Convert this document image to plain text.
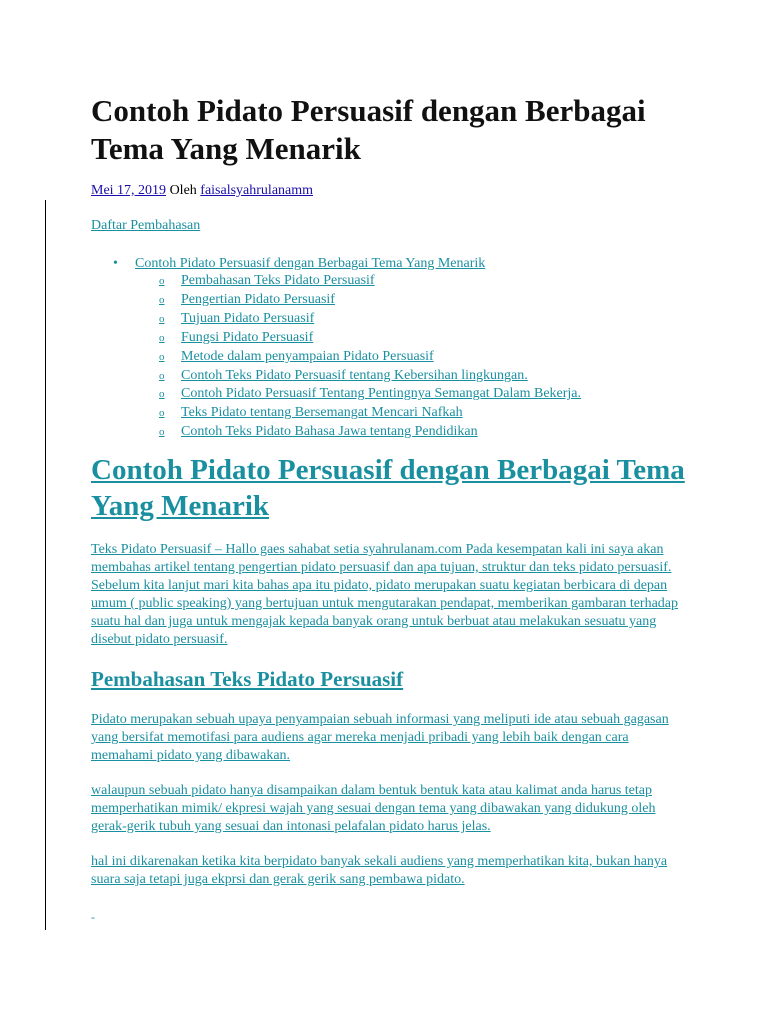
Contoh Pidato Persuasif dengan Berbagai Tema Yang Menarik
Mei 17, 2019 Oleh faisalsyahrulanamm
Daftar Pembahasan
• Contoh Pidato Persuasif dengan Berbagai Tema Yang Menarik
o Pembahasan Teks Pidato Persuasif
o Pengertian Pidato Persuasif
o Tujuan Pidato Persuasif
o Fungsi Pidato Persuasif
o Metode dalam penyampaian Pidato Persuasif
o Contoh Teks Pidato Persuasif tentang Kebersihan lingkungan.
o Contoh Pidato Persuasif Tentang Pentingnya Semangat Dalam Bekerja.
o Teks Pidato tentang Bersemangat Mencari Nafkah
o Contoh Teks Pidato Bahasa Jawa tentang Pendidikan
Contoh Pidato Persuasif dengan Berbagai Tema Yang Menarik

Teks Pidato Persuasif – Hallo gaes sahabat setia syahrulanam.com Pada kesempatan kali ini saya akan membahas artikel tentang pengertian pidato persuasif dan apa tujuan, struktur dan teks pidato persuasif. Sebelum kita lanjut mari kita bahas apa itu pidato, pidato merupakan suatu kegiatan berbicara di depan umum ( public speaking) yang bertujuan untuk mengutarakan pendapat, memberikan gambaran terhadap suatu hal dan juga untuk mengajak kepada banyak orang untuk berbuat atau melakukan sesuatu yang disebut pidato persuasif.

Pembahasan Teks Pidato Persuasif

Pidato merupakan sebuah upaya penyampaian sebuah informasi yang meliputi ide atau sebuah gagasan yang bersifat memotifasi para audiens agar mereka menjadi pribadi yang lebih baik dengan cara memahami pidato yang dibawakan.

walaupun sebuah pidato hanya disampaikan dalam bentuk bentuk kata atau kalimat anda harus tetap memperhatikan mimik/ ekpresi wajah yang sesuai dengan tema yang dibawakan yang didukung oleh gerak-gerik tubuh yang sesuai dan intonasi pelafalan pidato harus jelas.

hal ini dikarenakan ketika kita berpidato banyak sekali audiens yang memperhatikan kita, bukan hanya suara saja tetapi juga ekprsi dan gerak gerik sang pembawa pidato.

-
